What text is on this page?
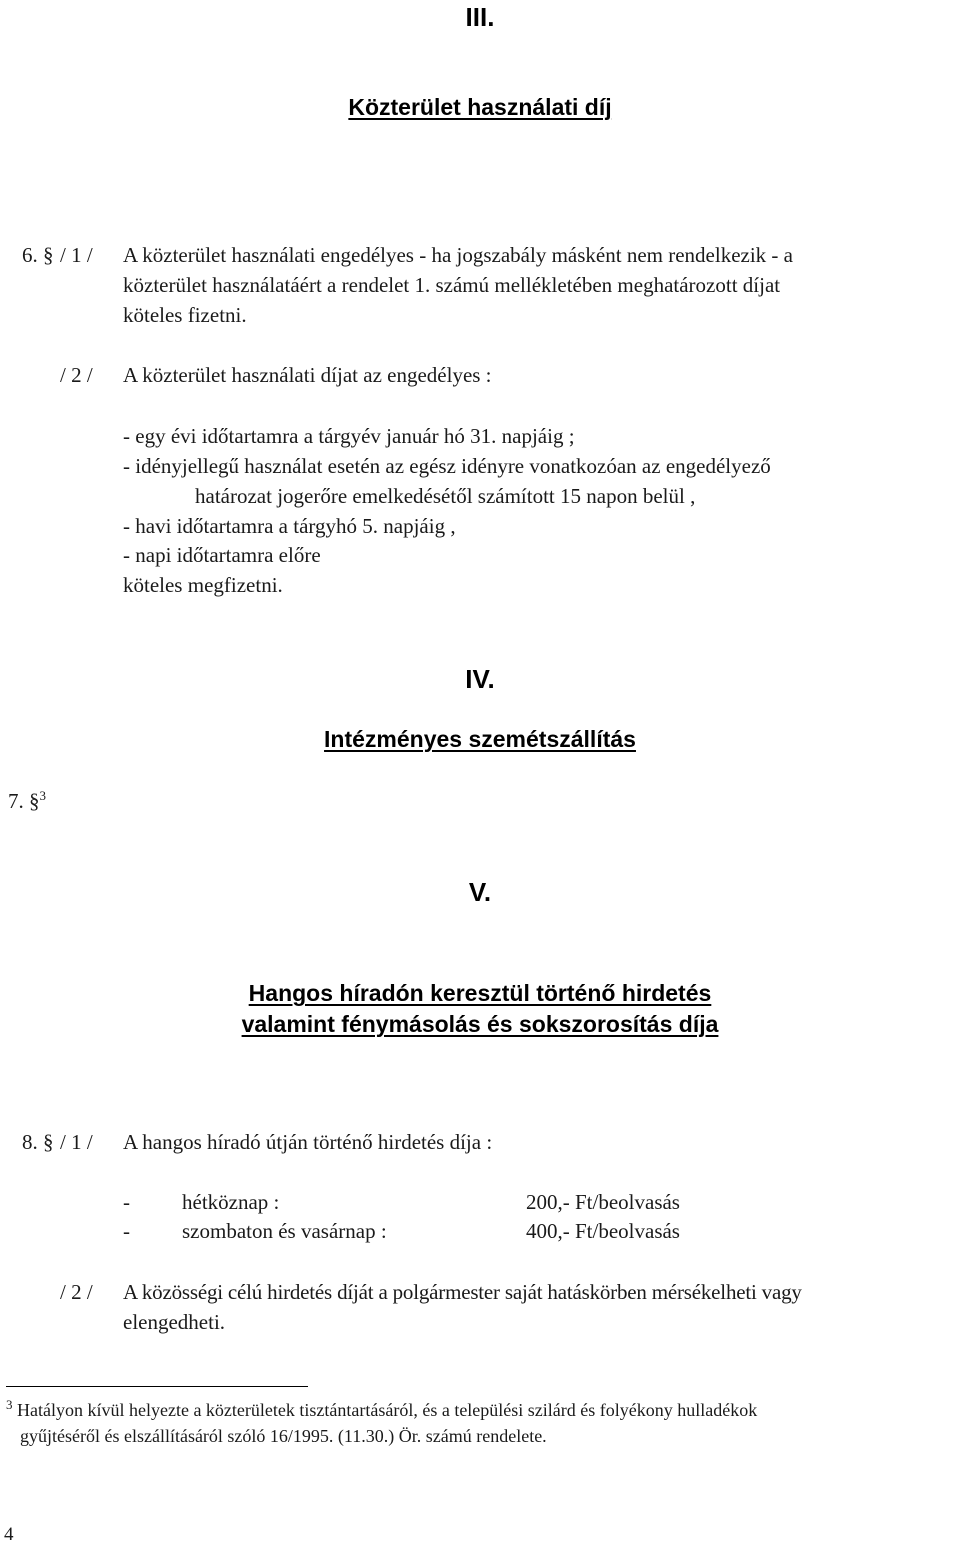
III.
Közterület használati díj
6. § / 1 / A közterület használati engedélyes - ha jogszabály másként nem rendelkezik - a
közterület használatáért a rendelet 1. számú mellékletében meghatározott díjat
köteles fizetni.
/ 2 / A közterület használati díjat az engedélyes :
- egy évi időtartamra a tárgyév január hó 31. napjáig ;
- idényjellegű használat esetén az egész idényre vonatkozóan az engedélyező
határozat jogerőre emelkedésétől számított 15 napon belül ,
- havi időtartamra a tárgyhó 5. napjáig ,
- napi időtartamra előre
köteles megfizetni.
IV.
Intézményes szemétszállítás
7. §$^3$
V.
Hangos híradón keresztül történő hirdetés
valamint fénymásolás és sokszorosítás díja
8. § / 1 / A hangos híradó útján történő hirdetés díja :
- hétköznap :	200,- Ft/beolvasás
- szombaton és vasárnap :	400,- Ft/beolvasás
/ 2 / A közösségi célú hirdetés díját a polgármester saját hatáskörben mérsékelheti vagy
elengedheti.
$^3$ Hatályon kívül helyezte a közterületek tisztántartásáról, és a települési szilárd és folyékony hulladékok
gyűjtéséről és elszállításáról szóló 16/1995. (11.30.) Ör. számú rendelete.
4
